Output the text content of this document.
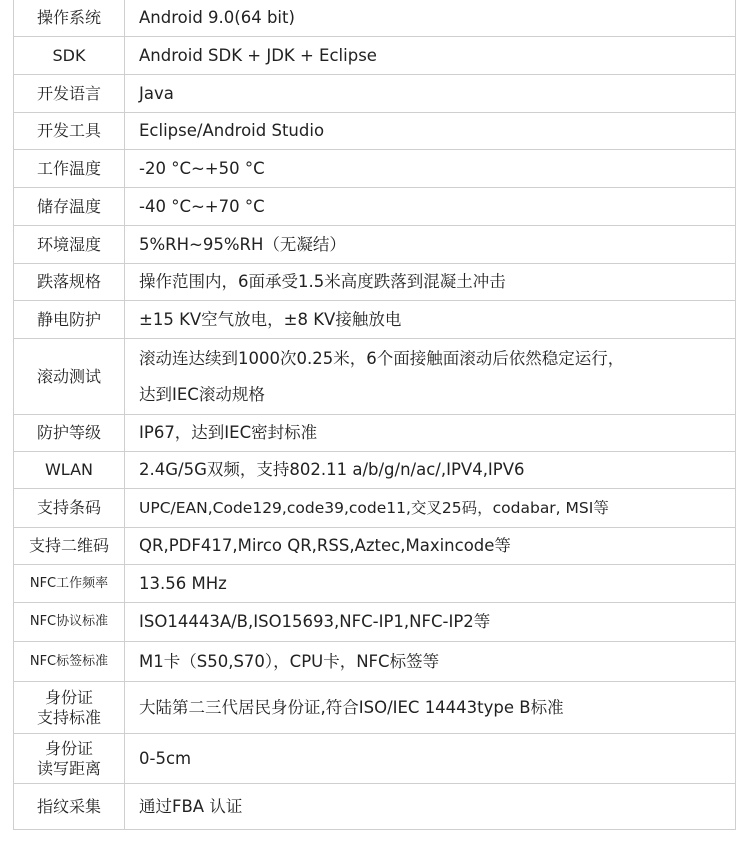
操作系统	Android 9.0(64 bit)
SDK	Android SDK + JDK + Eclipse
开发语言	Java
开发工具	Eclipse/Android Studio
工作温度	-20 °C~+50 °C
储存温度	-40 °C~+70 °C
环境湿度	5%RH~95%RH（无凝结）
跌落规格	操作范围内，6面承受1.5米高度跌落到混凝土冲击
静电防护	±15 KV空气放电，±8 KV接触放电
滚动测试	滚动连达续到1000次0.25米，6个面接触面滚动后依然稳定运行，
达到IEC滚动规格

防护等级	IP67，达到IEC密封标准
WLAN	2.4G/5G双频，支持802.11 a/b/g/n/ac/,IPV4,IPV6
支持条码	UPC/EAN,Code129,code39,code11,交叉25码，codabar, MSI等
支持二维码	QR,PDF417,Mirco QR,RSS,Aztec,Maxincode等
NFC工作频率	13.56 MHz
NFC协议标准	ISO14443A/B,ISO15693,NFC-IP1,NFC-IP2等
NFC标签标准	M1卡（S50,S70），CPU卡，NFC标签等

身份证
支持标准	大陆第二三代居民身份证,符合ISO/IEC 14443type B标准

身份证
读写距离	0-5cm
指纹采集	通过FBA 认证
